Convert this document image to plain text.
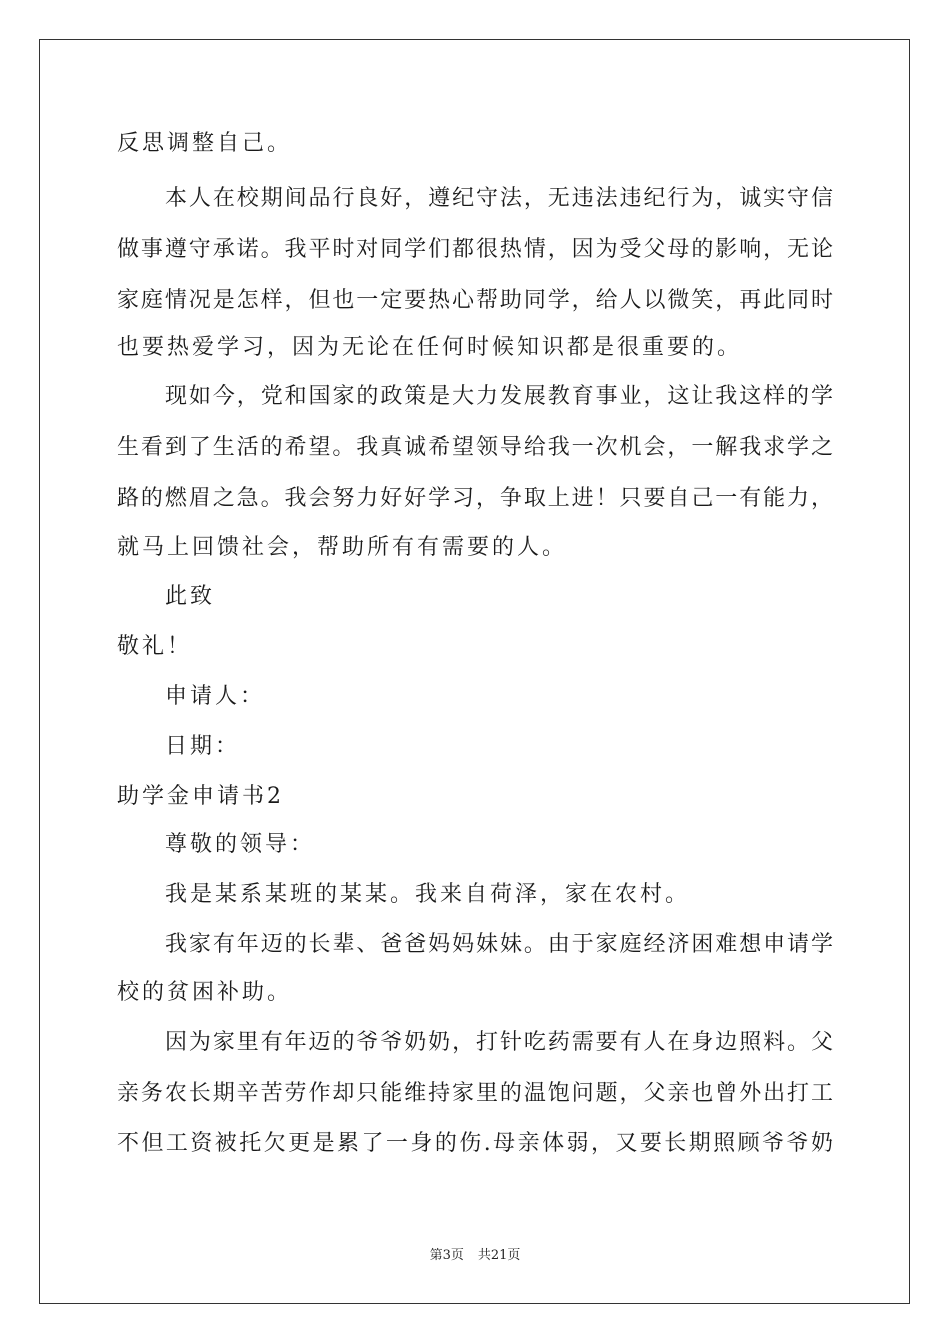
反思调整自己。
本人在校期间品行良好，遵纪守法，无违法违纪行为，诚实守信
做事遵守承诺。我平时对同学们都很热情，因为受父母的影响，无论
家庭情况是怎样，但也一定要热心帮助同学，给人以微笑，再此同时
也要热爱学习，因为无论在任何时候知识都是很重要的。
现如今，党和国家的政策是大力发展教育事业，这让我这样的学
生看到了生活的希望。我真诚希望领导给我一次机会，一解我求学之
路的燃眉之急。我会努力好好学习，争取上进！只要自己一有能力，
就马上回馈社会，帮助所有有需要的人。
此致
敬礼！
申请人：
日期：
助学金申请书2
尊敬的领导：
我是某系某班的某某。我来自荷泽，家在农村。
我家有年迈的长辈、爸爸妈妈妹妹。由于家庭经济困难想申请学
校的贫困补助。
因为家里有年迈的爷爷奶奶，打针吃药需要有人在身边照料。父
亲务农长期辛苦劳作却只能维持家里的温饱问题，父亲也曾外出打工
不但工资被托欠更是累了一身的伤.母亲体弱，又要长期照顾爷爷奶
第3页 共21页
